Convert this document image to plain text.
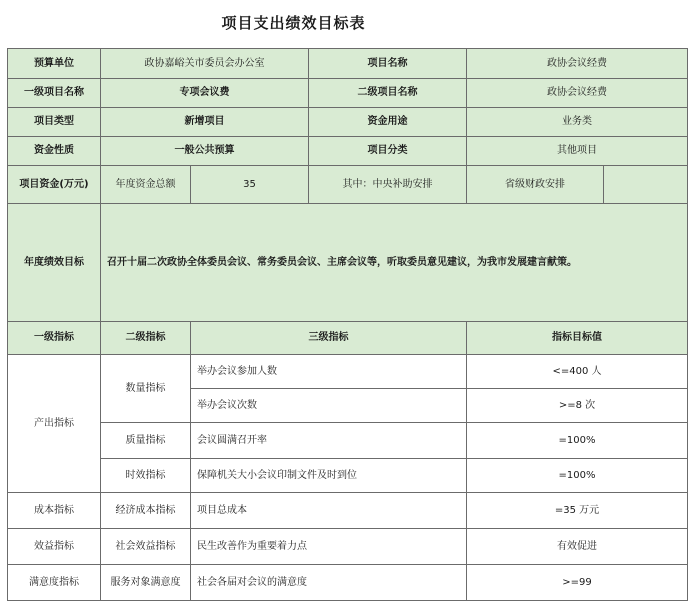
项目支出绩效目标表
预算单位	政协嘉峪关市委员会办公室		项目名称	政协会议经费	
一级项目名称	专项会议费		二级项目名称	政协会议经费	
项目类型	新增项目		资金用途	业务类	
资金性质	一般公共预算		项目分类	其他项目	
项目资金(万元)	年度资金总额	35	其中：中央补助安排	省级财政安排	
年度绩效目标	召开十届二次政协全体委员会议、常务委员会议、主席会议等，听取委员意见建议，为我市发展建言献策。				
一级指标	二级指标	三级指标		指标目标值	
产出指标	数量指标	举办会议参加人数		<=400 人	
		举办会议次数		>=8 次	
	质量指标	会议圆满召开率		=100%	
	时效指标	保障机关大小会议印制文件及时到位		=100%	
成本指标	经济成本指标	项目总成本		=35 万元	
效益指标	社会效益指标	民生改善作为重要着力点		有效促进	
满意度指标	服务对象满意度	社会各届对会议的满意度		>=99	
